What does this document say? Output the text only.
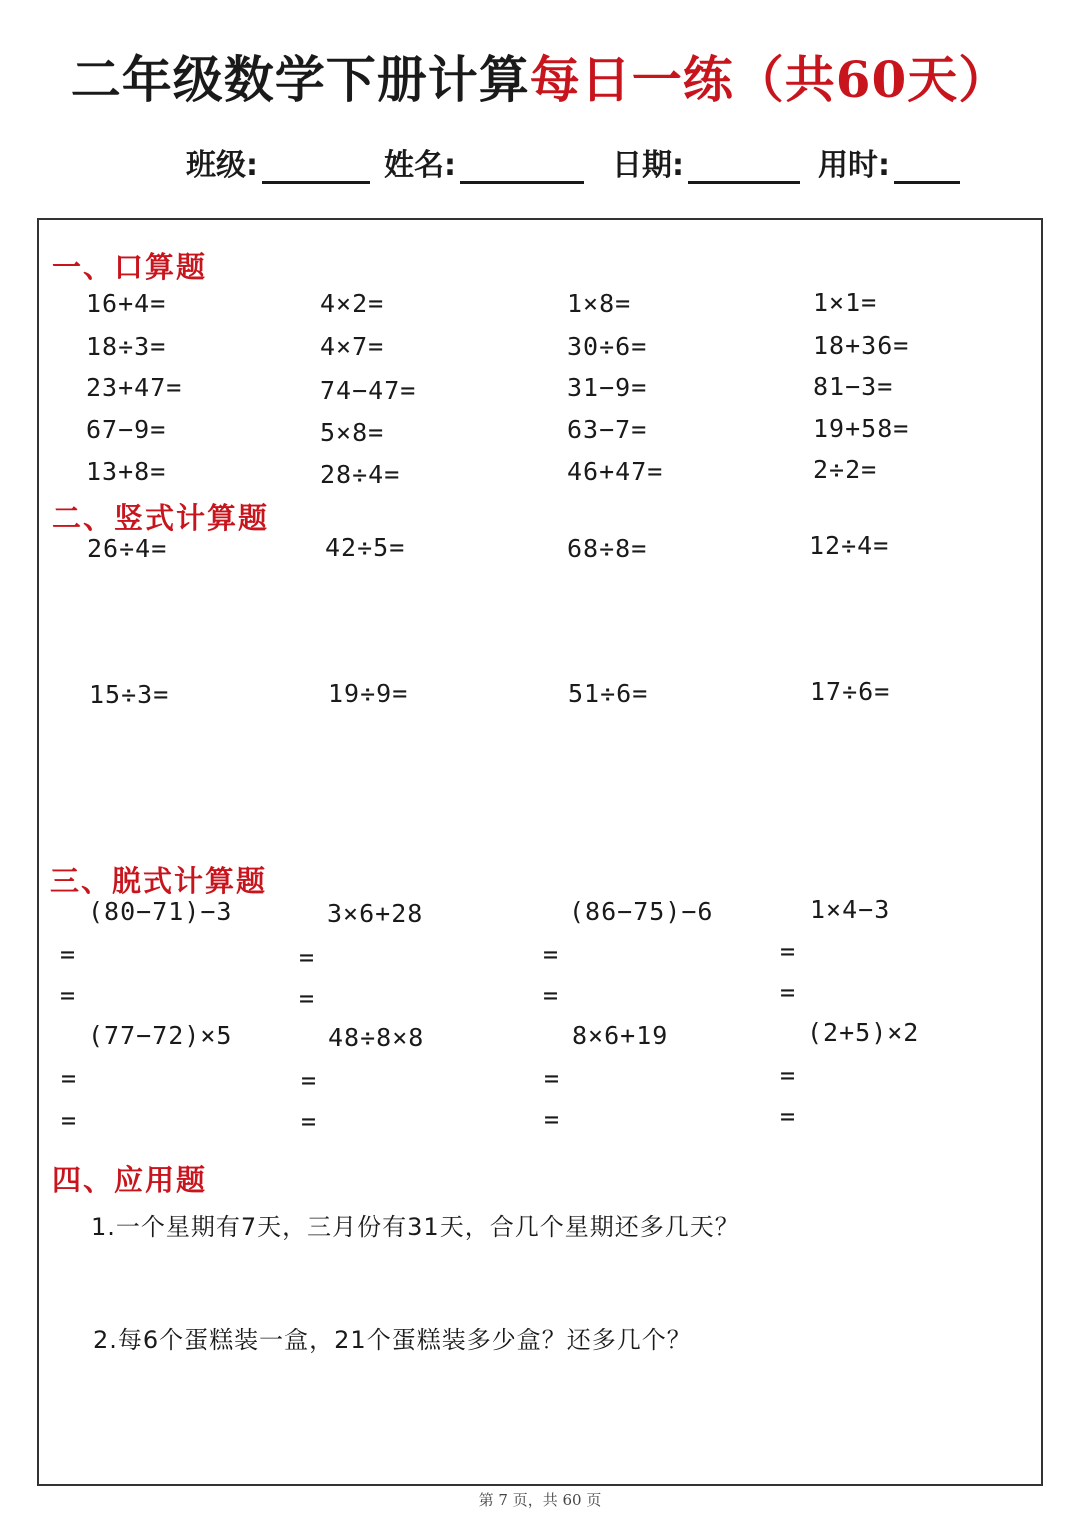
二年级数学下册计算每日一练（共60天）
班级:	姓名:	日期:	用时:
一、口算题
16+4=	4×2=	1×8=	1×1=
18÷3=	4×7=	30÷6=	18+36=
23+47=	74−47=	31−9=	81−3=
67−9=	5×8=	63−7=	19+58=
13+8=	28÷4=	46+47=	2÷2=
二、竖式计算题
26÷4=	42÷5=	68÷8=	12÷4=
15÷3=	19÷9=	51÷6=	17÷6=
三、脱式计算题
(80−71)−3	3×6+28	(86−75)−6	1×4−3
=
=
=
=
=
=
=
=
(77−72)×5	48÷8×8	8×6+19	(2+5)×2
=
=
=
=
=
=
=
=
四、应用题
1.一个星期有7天，三月份有31天，合几个星期还多几天？
2.每6个蛋糕装一盒，21个蛋糕装多少盒？还多几个？
第 7 页，共 60 页
